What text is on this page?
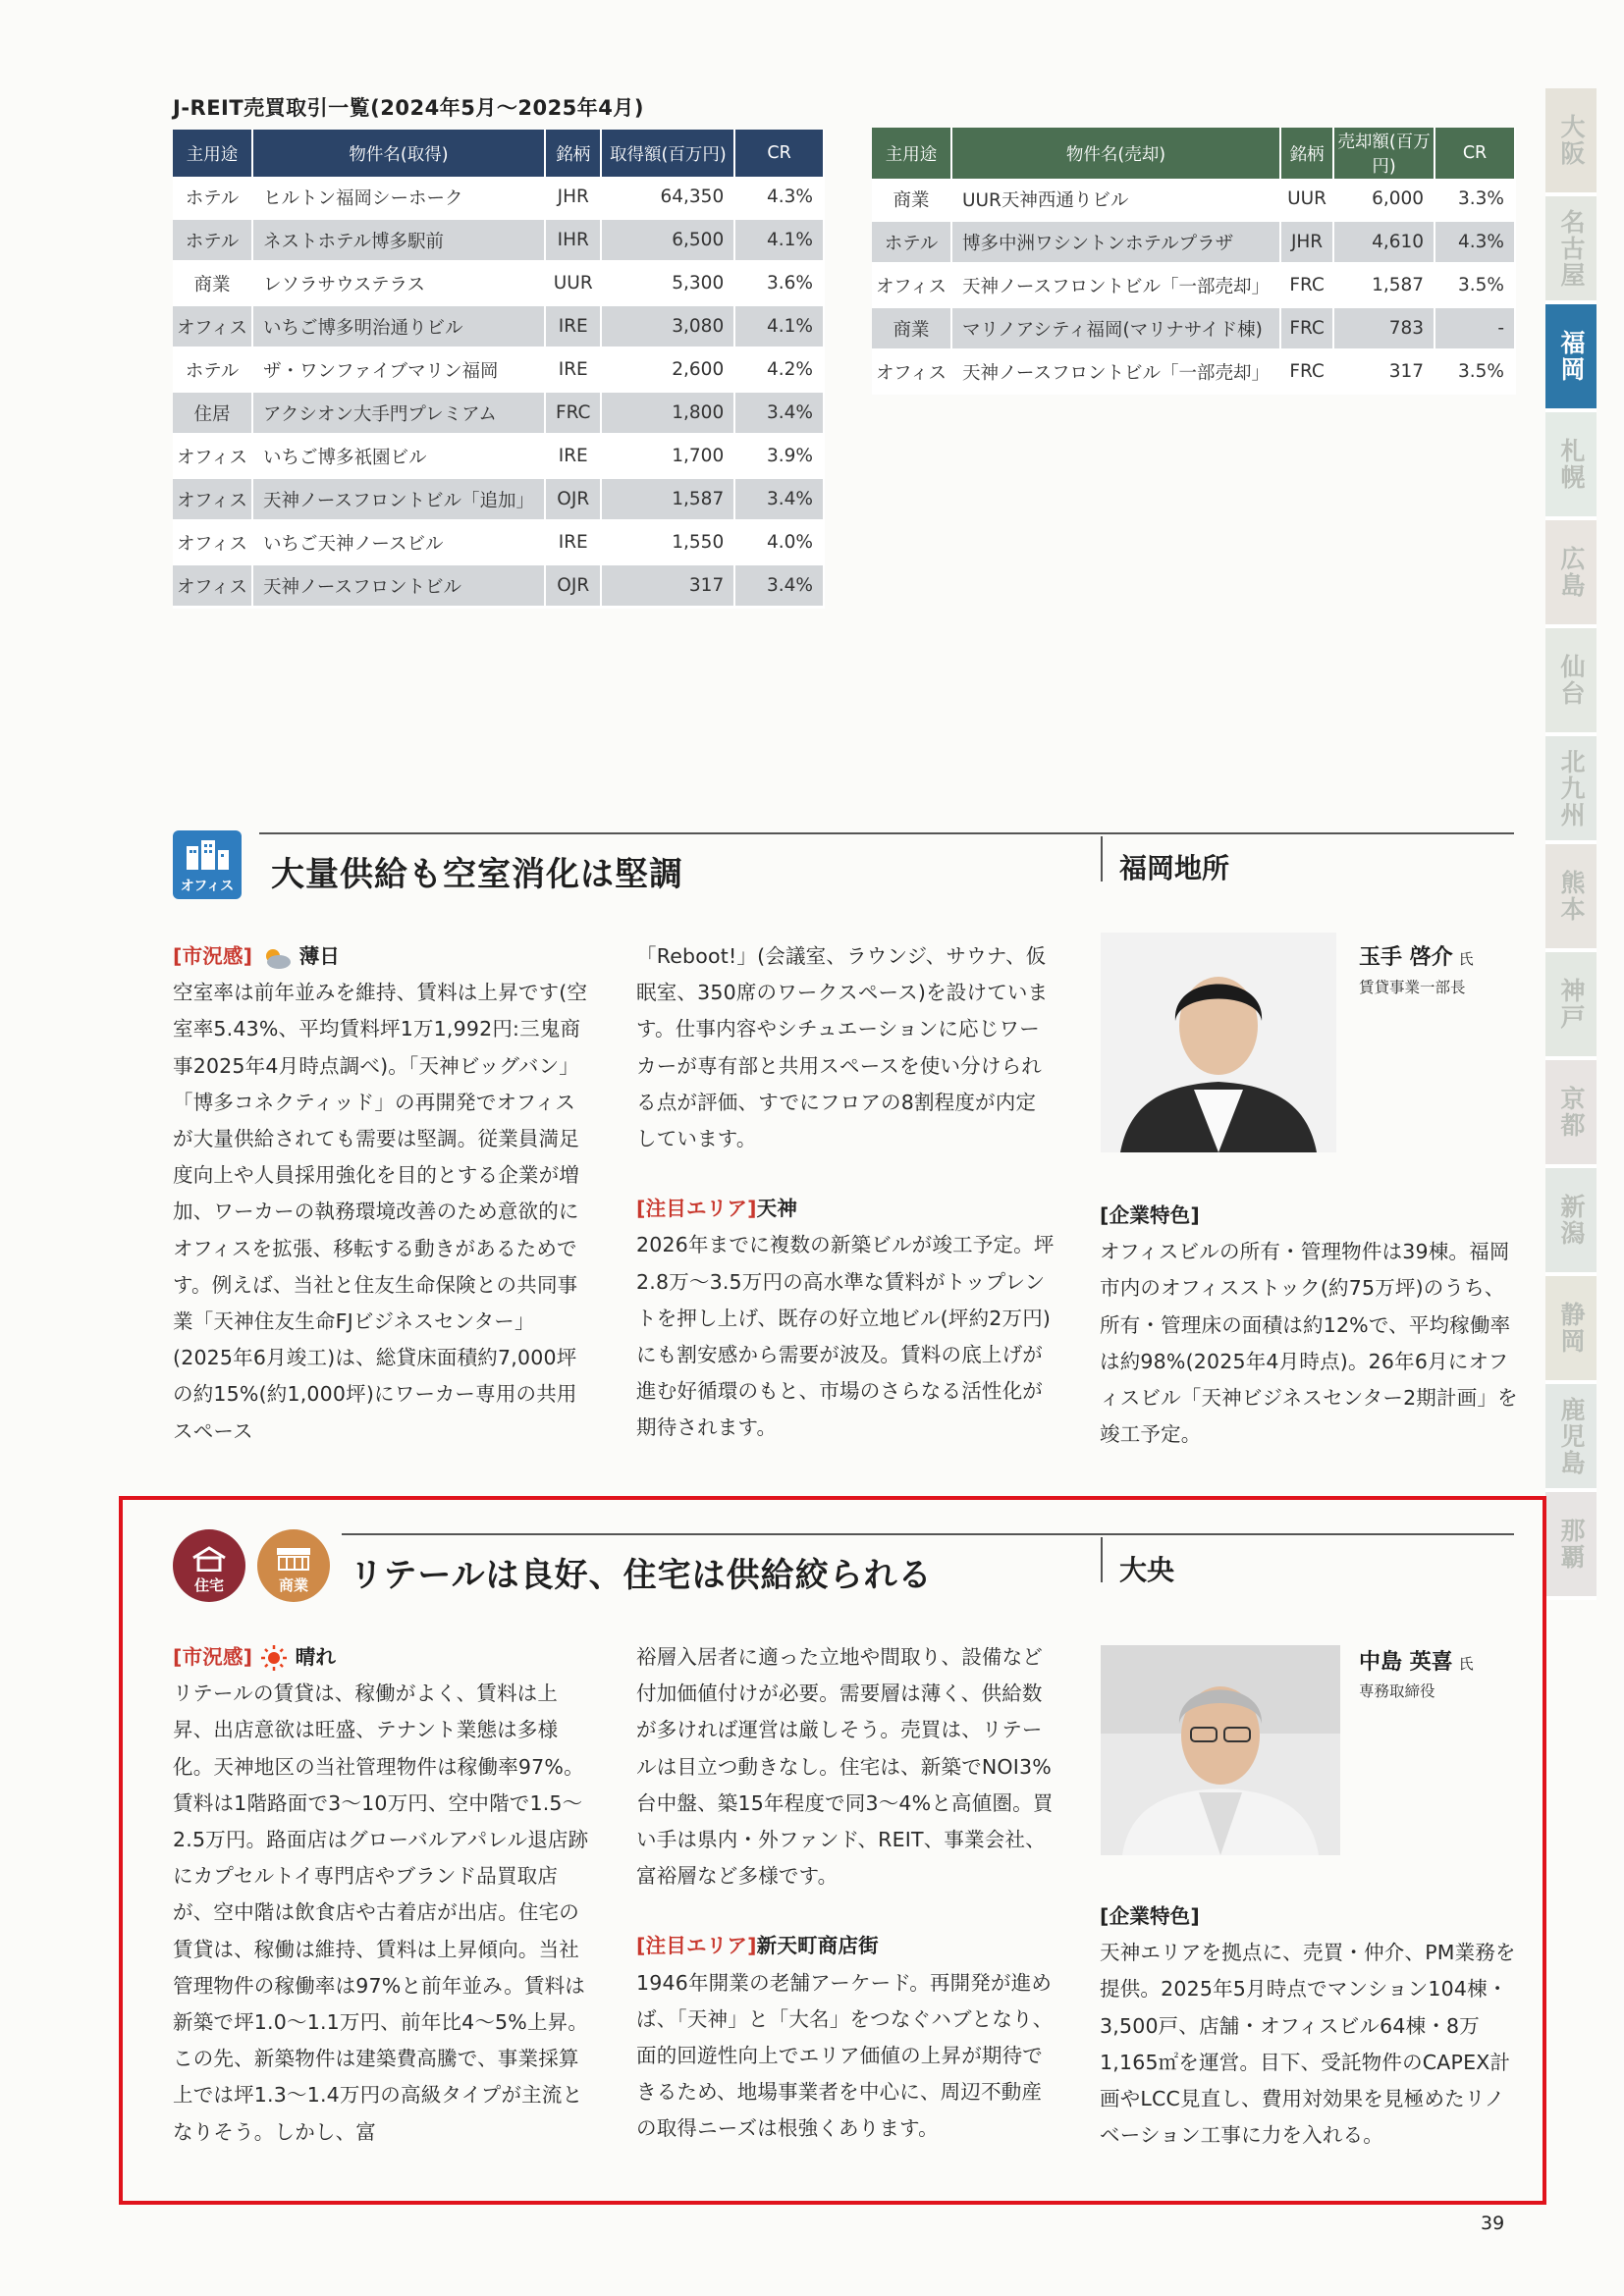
J-REIT売買取引一覧(2024年5月〜2025年4月)
主用途	物件名(取得)	銘柄	取得額(百万円)	CR
ホテル	ヒルトン福岡シーホーク	JHR	64,350	4.3%
ホテル	ネストホテル博多駅前	IHR	6,500	4.1%
商業	レソラサウステラス	UUR	5,300	3.6%
オフィス	いちご博多明治通りビル	IRE	3,080	4.1%
ホテル	ザ・ワンファイブマリン福岡	IRE	2,600	4.2%
住居	アクシオン大手門プレミアム	FRC	1,800	3.4%
オフィス	いちご博多祇園ビル	IRE	1,700	3.9%
オフィス	天神ノースフロントビル「追加」	OJR	1,587	3.4%
オフィス	いちご天神ノースビル	IRE	1,550	4.0%
オフィス	天神ノースフロントビル	OJR	317	3.4%
主用途	物件名(売却)	銘柄	売却額(百万円)	CR
商業	UUR天神西通りビル	UUR	6,000	3.3%
ホテル	博多中洲ワシントンホテルプラザ	JHR	4,610	4.3%
オフィス	天神ノースフロントビル「一部売却」	FRC	1,587	3.5%
商業	マリノアシティ福岡(マリナサイド棟)	FRC	783	-
オフィス	天神ノースフロントビル「一部売却」	FRC	317	3.5%
大阪
名古屋
福岡
札幌
広島
仙台
北九州
熊本
神戸
京都
新潟
静岡
鹿児島
那覇
オフィス 大量供給も空室消化は堅調	福岡地所

[市況感] 薄日

空室率は前年並みを維持、賃料は上昇です(空室率5.43%、平均賃料坪1万1,992円:三鬼商事2025年4月時点調べ)。「天神ビッグバン」「博多コネクティッド」の再開発でオフィスが大量供給されても需要は堅調。従業員満足度向上や人員採用強化を目的とする企業が増加、ワーカーの執務環境改善のため意欲的にオフィスを拡張、移転する動きがあるためです。例えば、当社と住友生命保険との共同事業「天神住友生命FJビジネスセンター」(2025年6月竣工)は、総貸床面積約7,000坪の約15%(約1,000坪)にワーカー専用の共用スペース

「Reboot!」(会議室、ラウンジ、サウナ、仮眠室、350席のワークスペース)を設けています。仕事内容やシチュエーションに応じワーカーが専有部と共用スペースを使い分けられる点が評価、すでにフロアの8割程度が内定しています。

[注目エリア]天神

2026年までに複数の新築ビルが竣工予定。坪2.8万〜3.5万円の高水準な賃料がトップレントを押し上げ、既存の好立地ビル(坪約2万円)にも割安感から需要が波及。賃料の底上げが進む好循環のもと、市場のさらなる活性化が期待されます。

玉手 啓介 氏
賃貸事業一部長

[企業特色]

オフィスビルの所有・管理物件は39棟。福岡市内のオフィスストック(約75万坪)のうち、所有・管理床の面積は約12%で、平均稼働率は約98%(2025年4月時点)。26年6月にオフィスビル「天神ビジネスセンター2期計画」を竣工予定。

住宅	商業 リテールは良好、住宅は供給絞られる	大央

[市況感] 晴れ

リテールの賃貸は、稼働がよく、賃料は上昇、出店意欲は旺盛、テナント業態は多様化。天神地区の当社管理物件は稼働率97%。賃料は1階路面で3〜10万円、空中階で1.5〜2.5万円。路面店はグローバルアパレル退店跡にカプセルトイ専門店やブランド品買取店が、空中階は飲食店や古着店が出店。住宅の賃貸は、稼働は維持、賃料は上昇傾向。当社管理物件の稼働率は97%と前年並み。賃料は新築で坪1.0〜1.1万円、前年比4〜5%上昇。この先、新築物件は建築費高騰で、事業採算上では坪1.3〜1.4万円の高級タイプが主流となりそう。しかし、富

裕層入居者に適った立地や間取り、設備など付加価値付けが必要。需要層は薄く、供給数が多ければ運営は厳しそう。売買は、リテールは目立つ動きなし。住宅は、新築でNOI3%台中盤、築15年程度で同3〜4%と高値圏。買い手は県内・外ファンド、REIT、事業会社、富裕層など多様です。

[注目エリア]新天町商店街

1946年開業の老舗アーケード。再開発が進めば、「天神」と「大名」をつなぐハブとなり、面的回遊性向上でエリア価値の上昇が期待できるため、地場事業者を中心に、周辺不動産の取得ニーズは根強くあります。

中島 英喜 氏
専務取締役

[企業特色]

天神エリアを拠点に、売買・仲介、PM業務を提供。2025年5月時点でマンション104棟・3,500戸、店舗・オフィスビル64棟・8万1,165㎡を運営。目下、受託物件のCAPEX計画やLCC見直し、費用対効果を見極めたリノベーション工事に力を入れる。

39
